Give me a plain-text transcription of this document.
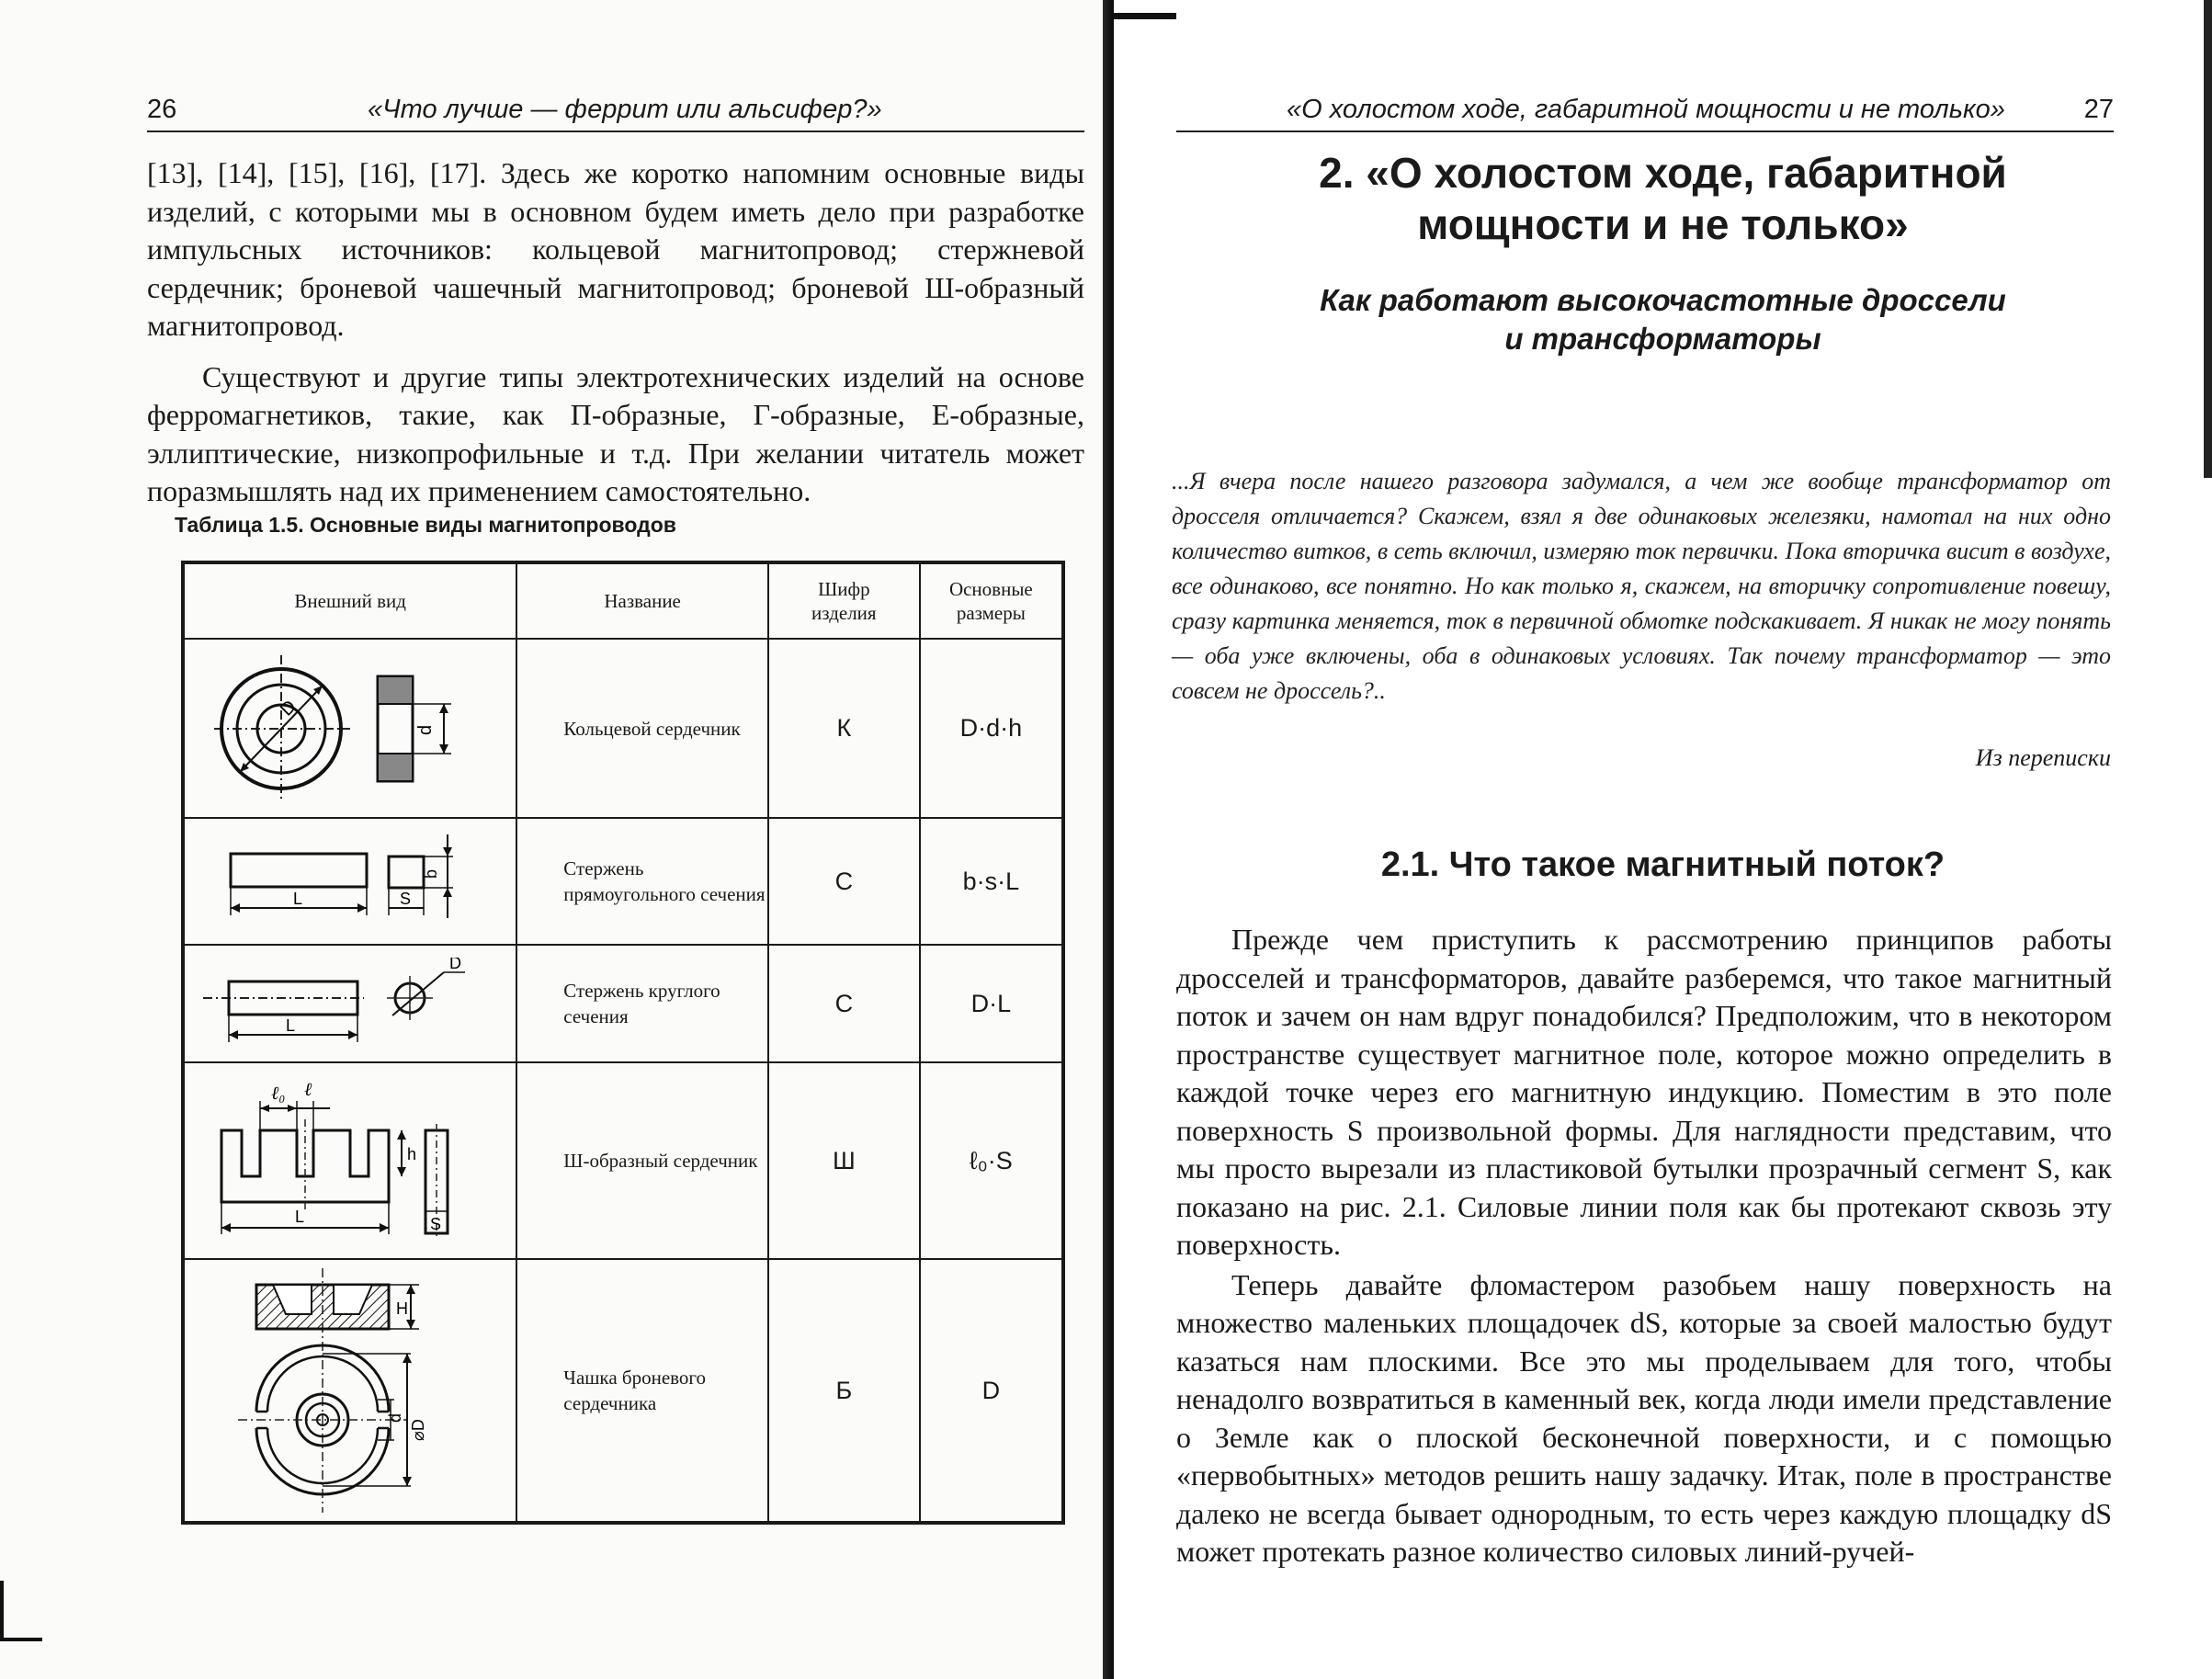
26	«Что лучше — феррит или альсифер?»

[13], [14], [15], [16], [17]. Здесь же коротко напомним основные виды изделий, с которыми мы в основном будем иметь дело при разработке импульсных источников: кольцевой магнитопровод; стержневой сердечник; броневой чашечный магнитопровод; броневой Ш-образный магнитопровод.

Существуют и другие типы электротехнических изделий на основе ферромагнетиков, такие, как П-образные, Г-образные, Е-образные, эллиптические, низкопрофильные и т.д. При желании читатель может поразмышлять над их применением самостоятельно.

Таблица 1.5. Основные виды магнитопроводов
Внешний вид	Название	Шифр изделия	Основные размеры

D
d	Кольцевой сердечник	К	D·d·h

L S
b	Стержень прямоугольного сечения	С	b·s·L

L
D	Стержень круглого сечения	С	D·L

ℓ₀ ℓ
L
h
S	Ш-образный сердечник	Ш	ℓ₀·S

H
d
⌀D	Чашка броневого сердечника	Б	D
«О холостом ходе, габаритной мощности и не только»	27
2. «О холостом ходе, габаритной
мощности и не только»
Как работают высокочастотные дроссели
и трансформаторы
...Я вчера после нашего разговора задумался, а чем же вообще трансформатор от дросселя отличается? Скажем, взял я две одинаковых железяки, намотал на них одно количество витков, в сеть включил, измеряю ток первички. Пока вторичка висит в воздухе, все одинаково, все понятно. Но как только я, скажем, на вторичку сопротивление повешу, сразу картинка меняется, ток в первичной обмотке подскакивает. Я никак не могу понять — оба уже включены, оба в одинаковых условиях. Так почему трансформатор — это совсем не дроссель?..
Из переписки
2.1. Что такое магнитный поток?

Прежде чем приступить к рассмотрению принципов работы дросселей и трансформаторов, давайте разберемся, что такое магнитный поток и зачем он нам вдруг понадобился? Предположим, что в некотором пространстве существует магнитное поле, которое можно определить в каждой точке через его магнитную индукцию. Поместим в это поле поверхность S произвольной формы. Для наглядности представим, что мы просто вырезали из пластиковой бутылки прозрачный сегмент S, как показано на рис. 2.1. Силовые линии поля как бы протекают сквозь эту поверхность.

Теперь давайте фломастером разобьем нашу поверхность на множество маленьких площадочек dS, которые за своей малостью будут казаться нам плоскими. Все это мы проделываем для того, чтобы ненадолго возвратиться в каменный век, когда люди имели представление о Земле как о плоской бесконечной поверхности, и с помощью «первобытных» методов решить нашу задачку. Итак, поле в пространстве далеко не всегда бывает однородным, то есть через каждую площадку dS может протекать разное количество силовых линий-ручей-
